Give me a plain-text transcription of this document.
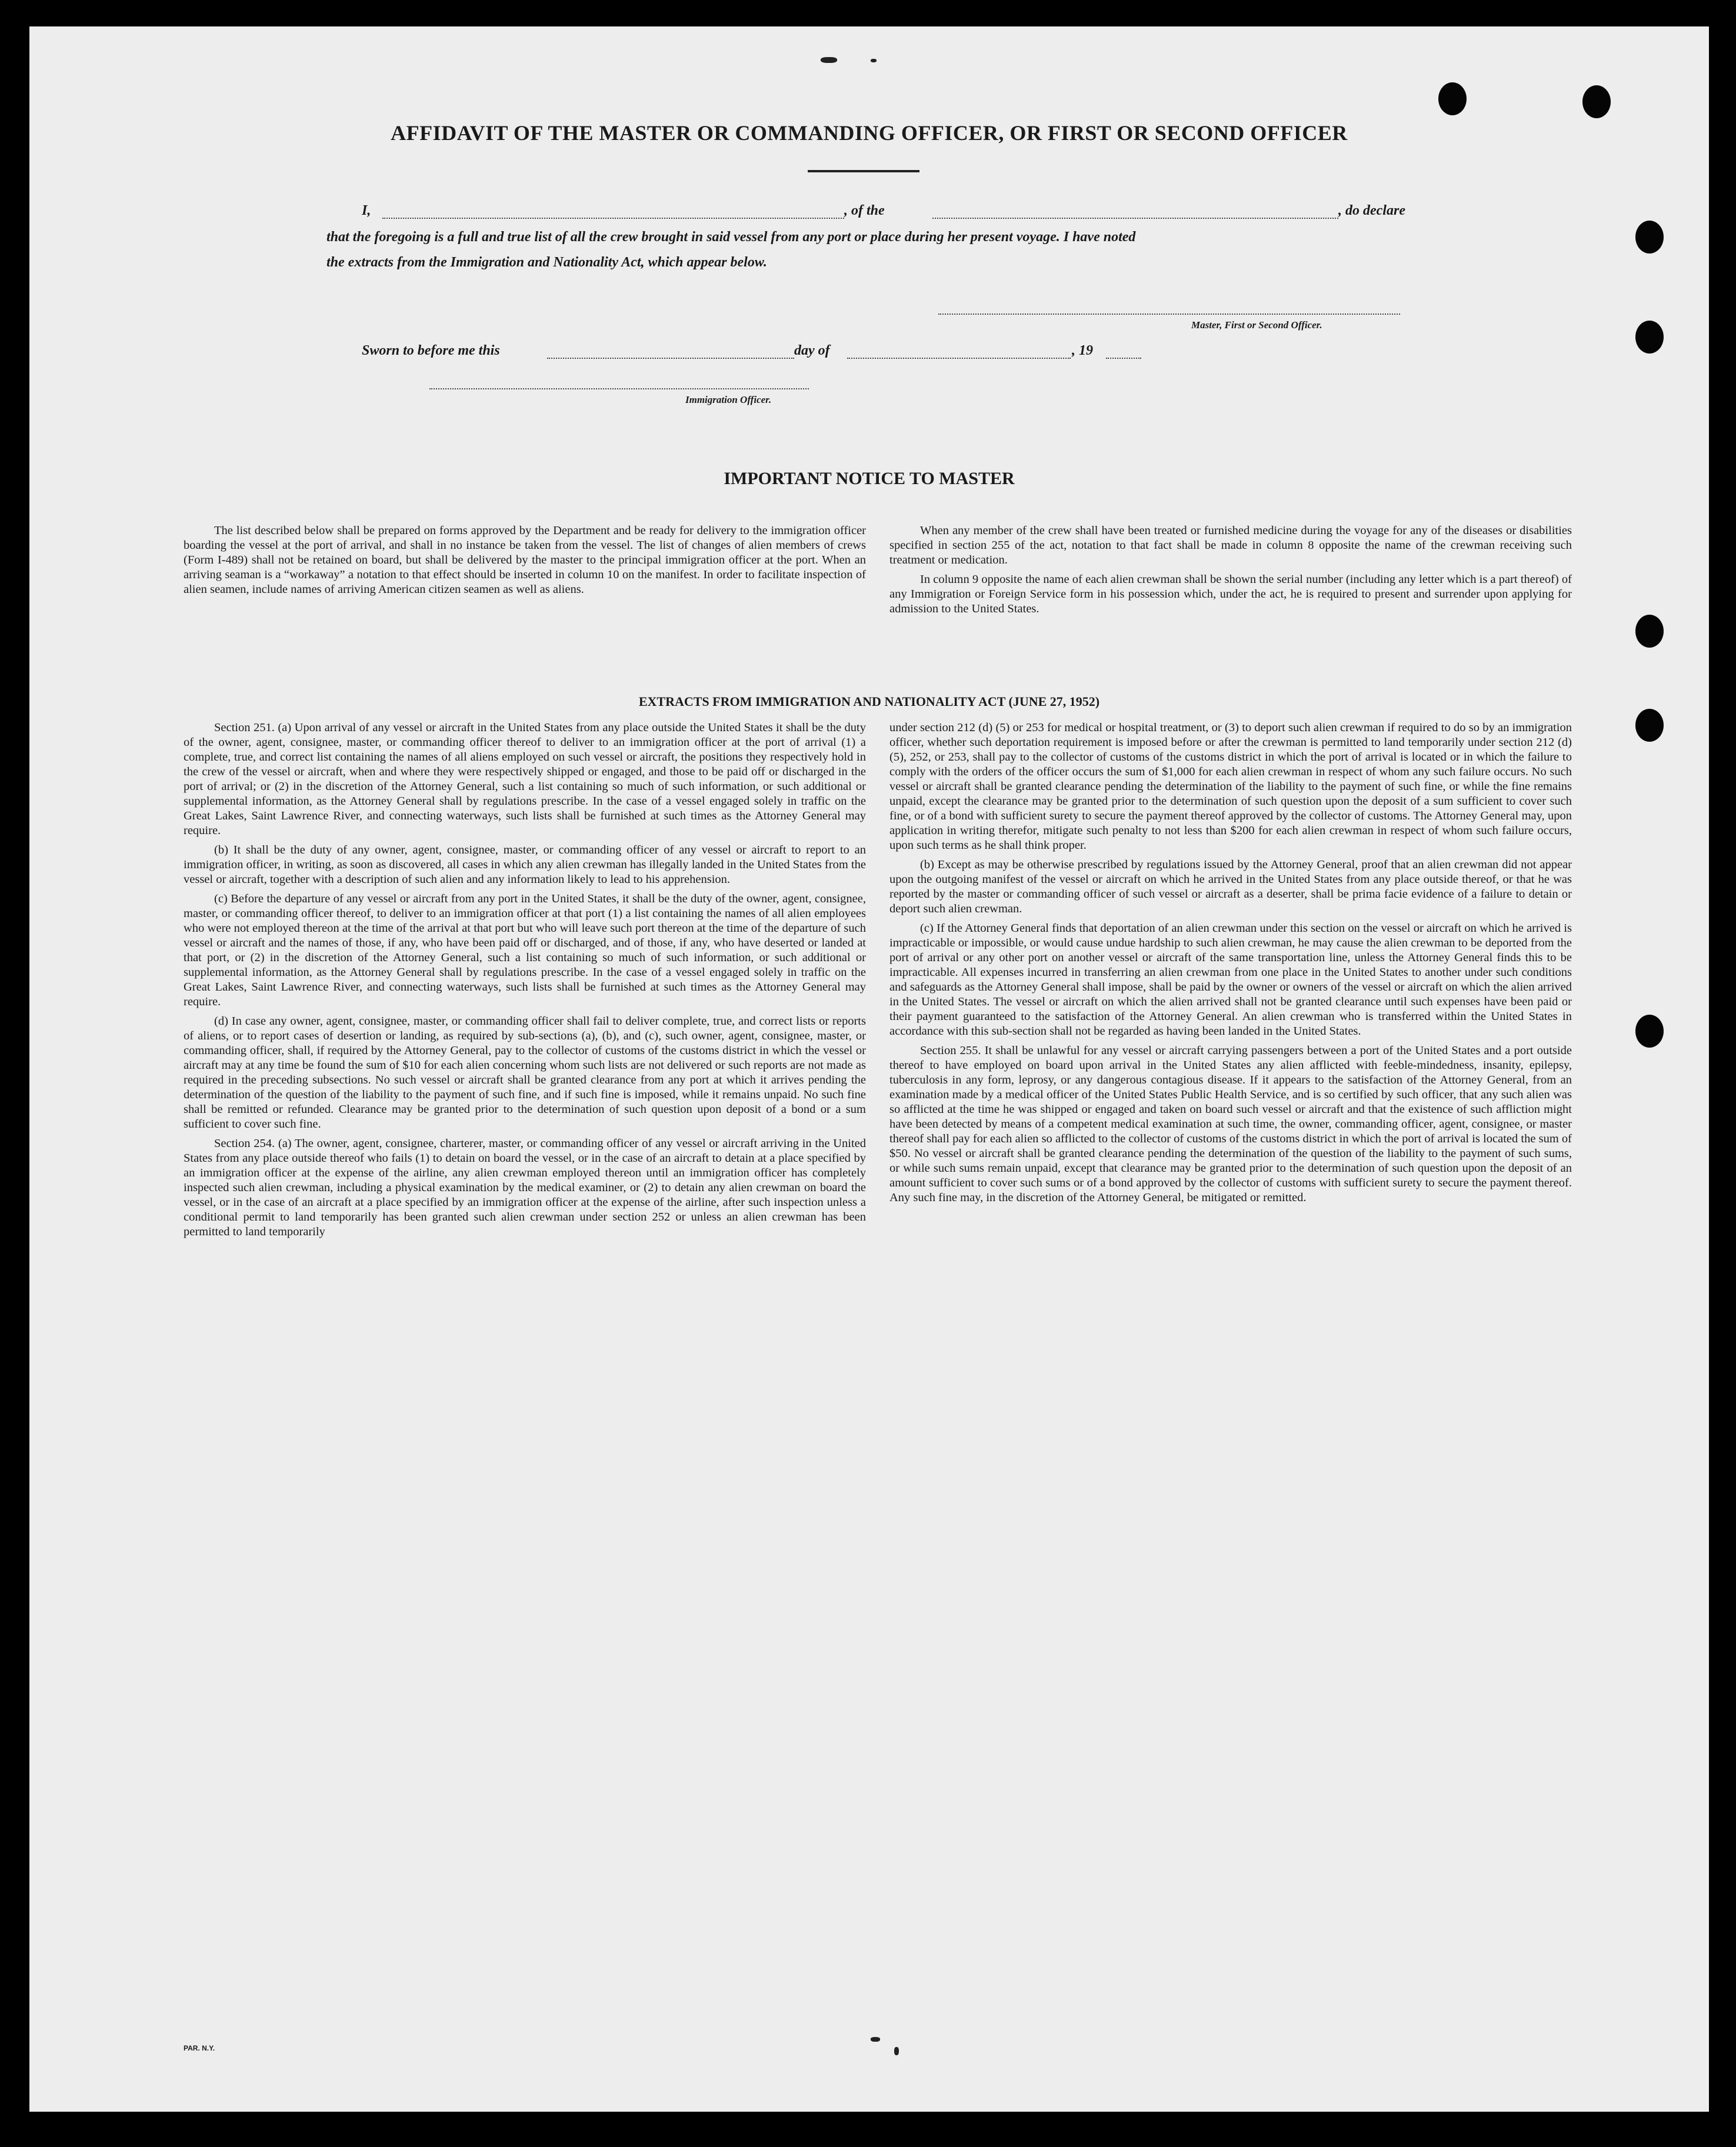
AFFIDAVIT OF THE MASTER OR COMMANDING OFFICER, OR FIRST OR SECOND OFFICER
I,	, of the	, do declare
that the foregoing is a full and true list of all the crew brought in said vessel from any port or place during her present voyage. I have noted
the extracts from the Immigration and Nationality Act, which appear below.
Master, First or Second Officer.
Sworn to before me this	day of	, 19
Immigration Officer.
IMPORTANT NOTICE TO MASTER

The list described below shall be prepared on forms approved by the Department and be ready for delivery to the immigration officer boarding the vessel at the port of arrival, and shall in no instance be taken from the vessel. The list of changes of alien members of crews (Form I-489) shall not be retained on board, but shall be delivered by the master to the principal immigration officer at the port. When an arriving seaman is a “workaway” a notation to that effect should be inserted in column 10 on the manifest. In order to facilitate inspection of alien seamen, include names of arriving American citizen seamen as well as aliens.

When any member of the crew shall have been treated or furnished medicine during the voyage for any of the diseases or disabilities specified in section 255 of the act, notation to that fact shall be made in column 8 opposite the name of the crewman receiving such treatment or medication.

In column 9 opposite the name of each alien crewman shall be shown the serial number (including any letter which is a part thereof) of any Immigration or Foreign Service form in his possession which, under the act, he is required to present and surrender upon applying for admission to the United States.

EXTRACTS FROM IMMIGRATION AND NATIONALITY ACT (JUNE 27, 1952)

Section 251. (a) Upon arrival of any vessel or aircraft in the United States from any place outside the United States it shall be the duty of the owner, agent, consignee, master, or commanding officer thereof to deliver to an immigration officer at the port of arrival (1) a complete, true, and correct list containing the names of all aliens employed on such vessel or aircraft, the positions they respectively hold in the crew of the vessel or aircraft, when and where they were respectively shipped or engaged, and those to be paid off or discharged in the port of arrival; or (2) in the discretion of the Attorney General, such a list containing so much of such information, or such additional or supplemental information, as the Attorney General shall by regulations prescribe. In the case of a vessel engaged solely in traffic on the Great Lakes, Saint Lawrence River, and connecting waterways, such lists shall be furnished at such times as the Attorney General may require.

(b) It shall be the duty of any owner, agent, consignee, master, or commanding officer of any vessel or aircraft to report to an immigration officer, in writing, as soon as discovered, all cases in which any alien crewman has illegally landed in the United States from the vessel or aircraft, together with a description of such alien and any information likely to lead to his apprehension.

(c) Before the departure of any vessel or aircraft from any port in the United States, it shall be the duty of the owner, agent, consignee, master, or commanding officer thereof, to deliver to an immigration officer at that port (1) a list containing the names of all alien employees who were not employed thereon at the time of the arrival at that port but who will leave such port thereon at the time of the departure of such vessel or aircraft and the names of those, if any, who have been paid off or discharged, and of those, if any, who have deserted or landed at that port, or (2) in the discretion of the Attorney General, such a list containing so much of such information, or such additional or supplemental information, as the Attorney General shall by regulations prescribe. In the case of a vessel engaged solely in traffic on the Great Lakes, Saint Lawrence River, and connecting waterways, such lists shall be furnished at such times as the Attorney General may require.

(d) In case any owner, agent, consignee, master, or commanding officer shall fail to deliver complete, true, and correct lists or reports of aliens, or to report cases of desertion or landing, as required by sub-sections (a), (b), and (c), such owner, agent, consignee, master, or commanding officer, shall, if required by the Attorney General, pay to the collector of customs of the customs district in which the vessel or aircraft may at any time be found the sum of $10 for each alien concerning whom such lists are not delivered or such reports are not made as required in the preceding subsections. No such vessel or aircraft shall be granted clearance from any port at which it arrives pending the determination of the question of the liability to the payment of such fine, and if such fine is imposed, while it remains unpaid. No such fine shall be remitted or refunded. Clearance may be granted prior to the determination of such question upon deposit of a bond or a sum sufficient to cover such fine.

Section 254. (a) The owner, agent, consignee, charterer, master, or commanding officer of any vessel or aircraft arriving in the United States from any place outside thereof who fails (1) to detain on board the vessel, or in the case of an aircraft to detain at a place specified by an immigration officer at the expense of the airline, any alien crewman employed thereon until an immigration officer has completely inspected such alien crewman, including a physical examination by the medical examiner, or (2) to detain any alien crewman on board the vessel, or in the case of an aircraft at a place specified by an immigration officer at the expense of the airline, after such inspection unless a conditional permit to land temporarily has been granted such alien crewman under section 252 or unless an alien crewman has been permitted to land temporarily

under section 212 (d) (5) or 253 for medical or hospital treatment, or (3) to deport such alien crewman if required to do so by an immigration officer, whether such deportation requirement is imposed before or after the crewman is permitted to land temporarily under section 212 (d) (5), 252, or 253, shall pay to the collector of customs of the customs district in which the port of arrival is located or in which the failure to comply with the orders of the officer occurs the sum of $1,000 for each alien crewman in respect of whom any such failure occurs. No such vessel or aircraft shall be granted clearance pending the determination of the liability to the payment of such fine, or while the fine remains unpaid, except the clearance may be granted prior to the determination of such question upon the deposit of a sum sufficient to cover such fine, or of a bond with sufficient surety to secure the payment thereof approved by the collector of customs. The Attorney General may, upon application in writing therefor, mitigate such penalty to not less than $200 for each alien crewman in respect of whom such failure occurs, upon such terms as he shall think proper.

(b) Except as may be otherwise prescribed by regulations issued by the Attorney General, proof that an alien crewman did not appear upon the outgoing manifest of the vessel or aircraft on which he arrived in the United States from any place outside thereof, or that he was reported by the master or commanding officer of such vessel or aircraft as a deserter, shall be prima facie evidence of a failure to detain or deport such alien crewman.

(c) If the Attorney General finds that deportation of an alien crewman under this section on the vessel or aircraft on which he arrived is impracticable or impossible, or would cause undue hardship to such alien crewman, he may cause the alien crewman to be deported from the port of arrival or any other port on another vessel or aircraft of the same transportation line, unless the Attorney General finds this to be impracticable. All expenses incurred in transferring an alien crewman from one place in the United States to another under such conditions and safeguards as the Attorney General shall impose, shall be paid by the owner or owners of the vessel or aircraft on which the alien arrived in the United States. The vessel or aircraft on which the alien arrived shall not be granted clearance until such expenses have been paid or their payment guaranteed to the satisfaction of the Attorney General. An alien crewman who is transferred within the United States in accordance with this sub-section shall not be regarded as having been landed in the United States.

Section 255. It shall be unlawful for any vessel or aircraft carrying passengers between a port of the United States and a port outside thereof to have employed on board upon arrival in the United States any alien afflicted with feeble-mindedness, insanity, epilepsy, tuberculosis in any form, leprosy, or any dangerous contagious disease. If it appears to the satisfaction of the Attorney General, from an examination made by a medical officer of the United States Public Health Service, and is so certified by such officer, that any such alien was so afflicted at the time he was shipped or engaged and taken on board such vessel or aircraft and that the existence of such affliction might have been detected by means of a competent medical examination at such time, the owner, commanding officer, agent, consignee, or master thereof shall pay for each alien so afflicted to the collector of customs of the customs district in which the port of arrival is located the sum of $50. No vessel or aircraft shall be granted clearance pending the determination of the question of the liability to the payment of such sums, or while such sums remain unpaid, except that clearance may be granted prior to the determination of such question upon the deposit of an amount sufficient to cover such sums or of a bond approved by the collector of customs with sufficient surety to secure the payment thereof. Any such fine may, in the discretion of the Attorney General, be mitigated or remitted.

PAR. N.Y.
